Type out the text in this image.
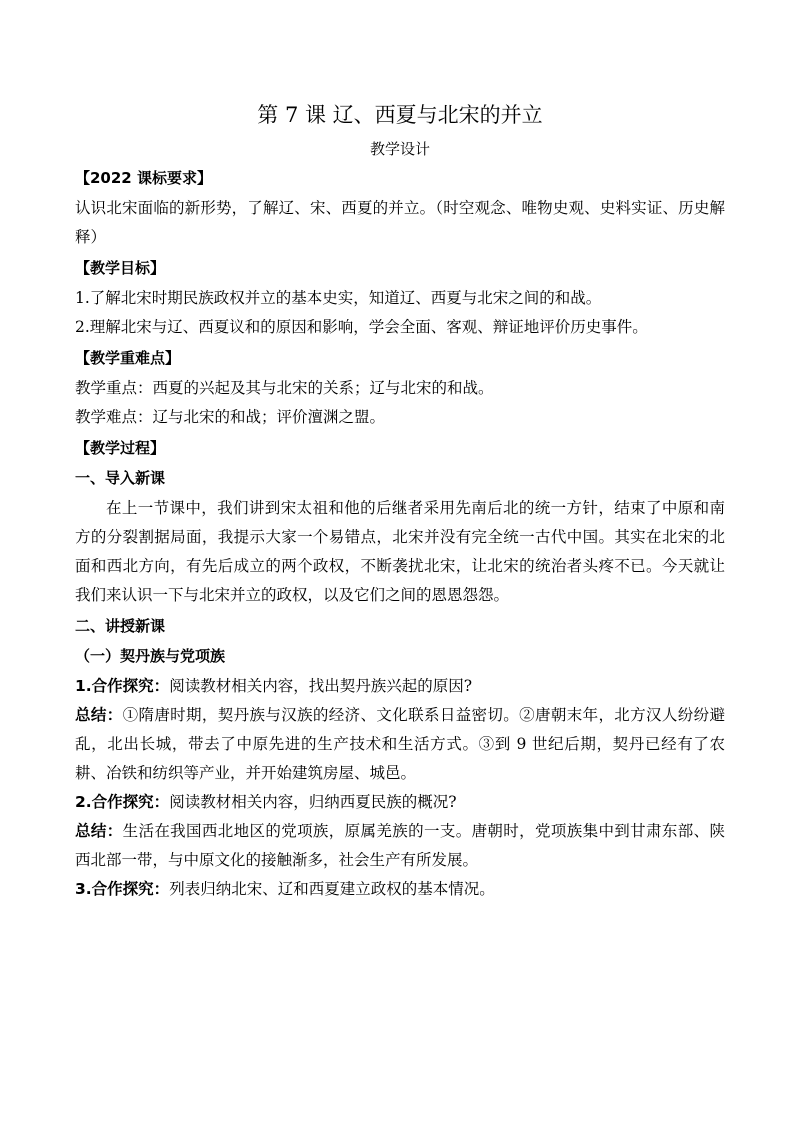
第 7 课 辽、西夏与北宋的并立
教学设计
【2022 课标要求】

认识北宋面临的新形势，了解辽、宋、西夏的并立。（时空观念、唯物史观、史料实证、历史解释）

【教学目标】

1.了解北宋时期民族政权并立的基本史实，知道辽、西夏与北宋之间的和战。

2.理解北宋与辽、西夏议和的原因和影响，学会全面、客观、辩证地评价历史事件。

【教学重难点】

教学重点：西夏的兴起及其与北宋的关系；辽与北宋的和战。

教学难点：辽与北宋的和战；评价澶渊之盟。

【教学过程】
一、导入新课

在上一节课中，我们讲到宋太祖和他的后继者采用先南后北的统一方针，结束了中原和南方的分裂割据局面，我提示大家一个易错点，北宋并没有完全统一古代中国。其实在北宋的北面和西北方向，有先后成立的两个政权，不断袭扰北宋，让北宋的统治者头疼不已。今天就让我们来认识一下与北宋并立的政权，以及它们之间的恩恩怨怨。

二、讲授新课
（一）契丹族与党项族

1.合作探究：阅读教材相关内容，找出契丹族兴起的原因?

总结：①隋唐时期，契丹族与汉族的经济、文化联系日益密切。②唐朝末年，北方汉人纷纷避乱，北出长城，带去了中原先进的生产技术和生活方式。③到 9 世纪后期，契丹已经有了农耕、冶铁和纺织等产业，并开始建筑房屋、城邑。

2.合作探究：阅读教材相关内容，归纳西夏民族的概况?

总结：生活在我国西北地区的党项族，原属羌族的一支。唐朝时，党项族集中到甘肃东部、陕西北部一带，与中原文化的接触渐多，社会生产有所发展。

3.合作探究：列表归纳北宋、辽和西夏建立政权的基本情况。
